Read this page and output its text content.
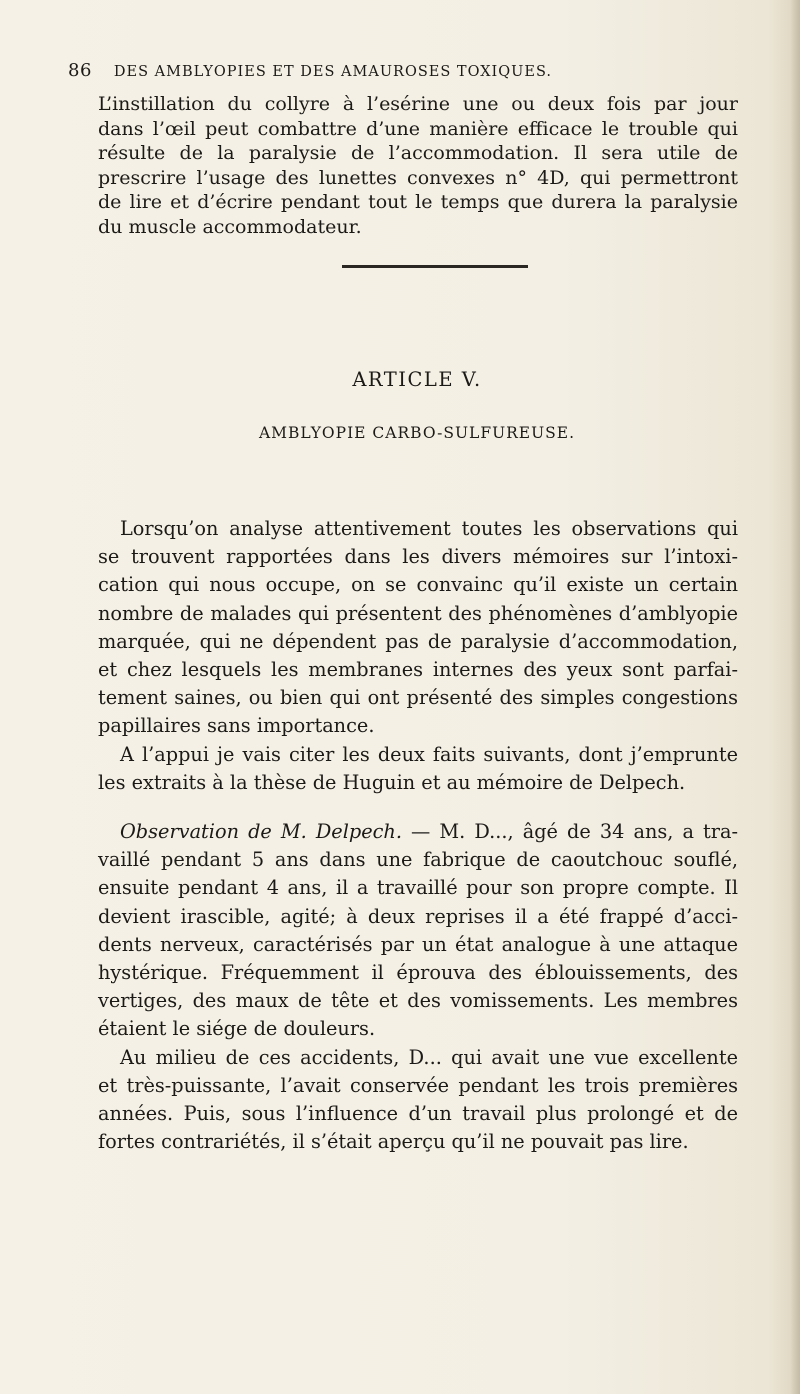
86 DES AMBLYOPIES ET DES AMAUROSES TOXIQUES.
L’instillation du collyre à l’esérine une ou deux fois par jour
dans l’œil peut combattre d’une manière efficace le trouble qui
résulte de la paralysie de l’accommodation. Il sera utile de
prescrire l’usage des lunettes convexes n° 4D, qui permettront
de lire et d’écrire pendant tout le temps que durera la paralysie
du muscle accommodateur.
ARTICLE V.
AMBLYOPIE CARBO-SULFUREUSE.
Lorsqu’on analyse attentivement toutes les observations qui
se trouvent rapportées dans les divers mémoires sur l’intoxi-
cation qui nous occupe, on se convainc qu’il existe un certain
nombre de malades qui présentent des phénomènes d’amblyopie
marquée, qui ne dépendent pas de paralysie d’accommodation,
et chez lesquels les membranes internes des yeux sont parfai-
tement saines, ou bien qui ont présenté des simples congestions
papillaires sans importance.
A l’appui je vais citer les deux faits suivants, dont j’emprunte
les extraits à la thèse de Huguin et au mémoire de Delpech.
Observation de M. Delpech. — M. D..., âgé de 34 ans, a tra-
vaillé pendant 5 ans dans une fabrique de caoutchouc souflé,
ensuite pendant 4 ans, il a travaillé pour son propre compte. Il
devient irascible, agité; à deux reprises il a été frappé d’acci-
dents nerveux, caractérisés par un état analogue à une attaque
hystérique. Fréquemment il éprouva des éblouissements, des
vertiges, des maux de tête et des vomissements. Les membres
étaient le siége de douleurs.
Au milieu de ces accidents, D... qui avait une vue excellente
et très-puissante, l’avait conservée pendant les trois premières
années. Puis, sous l’influence d’un travail plus prolongé et de
fortes contrariétés, il s’était aperçu qu’il ne pouvait pas lire.
